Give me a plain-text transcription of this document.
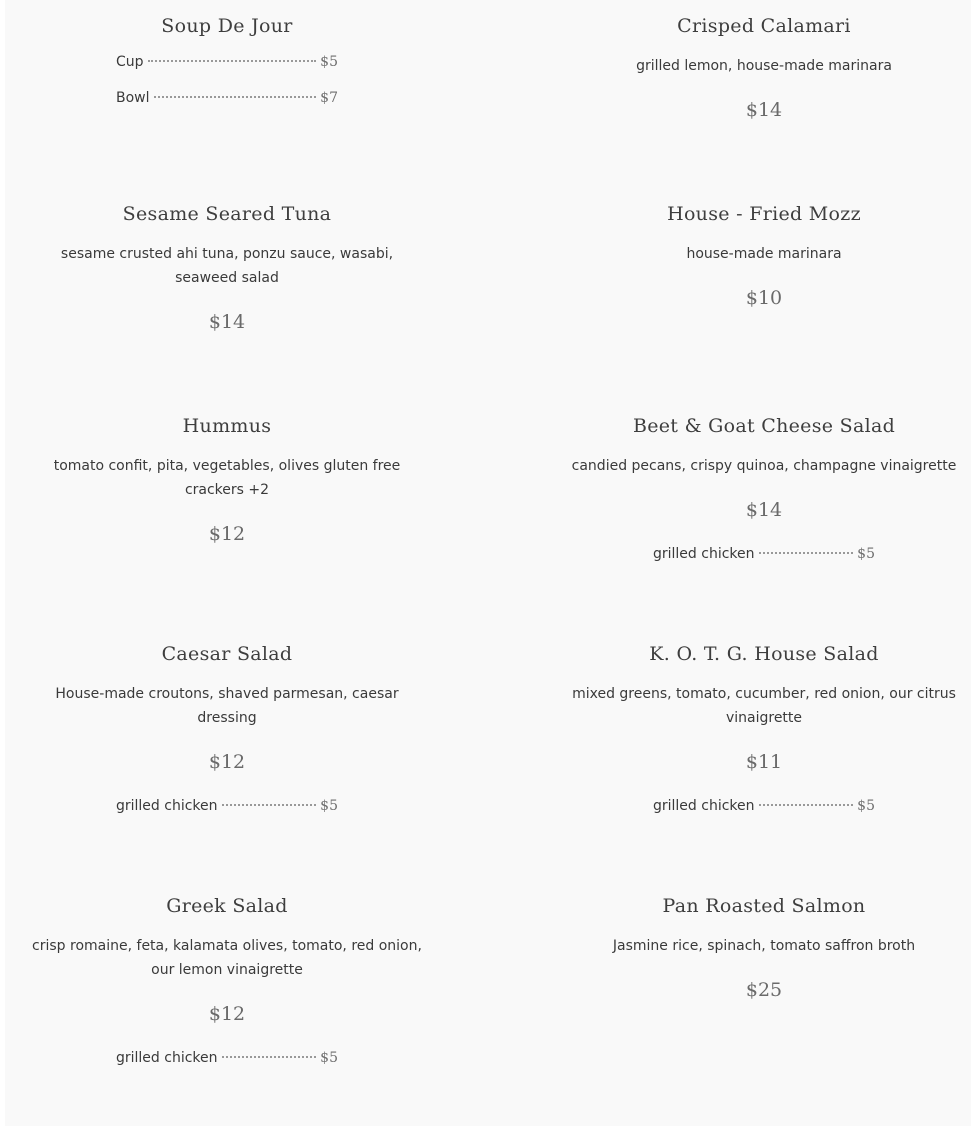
Soup De Jour
Cup	$5
Bowl	$7
Crisped Calamari
grilled lemon, house-made marinara
$14
Sesame Seared Tuna
sesame crusted ahi tuna, ponzu sauce, wasabi, seaweed salad
$14
House - Fried Mozz
house-made marinara
$10
Hummus
tomato confit, pita, vegetables, olives gluten free crackers +2
$12
Beet & Goat Cheese Salad
candied pecans, crispy quinoa, champagne vinaigrette
$14
grilled chicken	$5
Caesar Salad
House-made croutons, shaved parmesan, caesar dressing
$12
grilled chicken	$5
K. O. T. G. House Salad
mixed greens, tomato, cucumber, red onion, our citrus vinaigrette
$11
grilled chicken	$5
Greek Salad
crisp romaine, feta, kalamata olives, tomato, red onion, our lemon vinaigrette
$12
grilled chicken	$5
Pan Roasted Salmon
Jasmine rice, spinach, tomato saffron broth
$25
